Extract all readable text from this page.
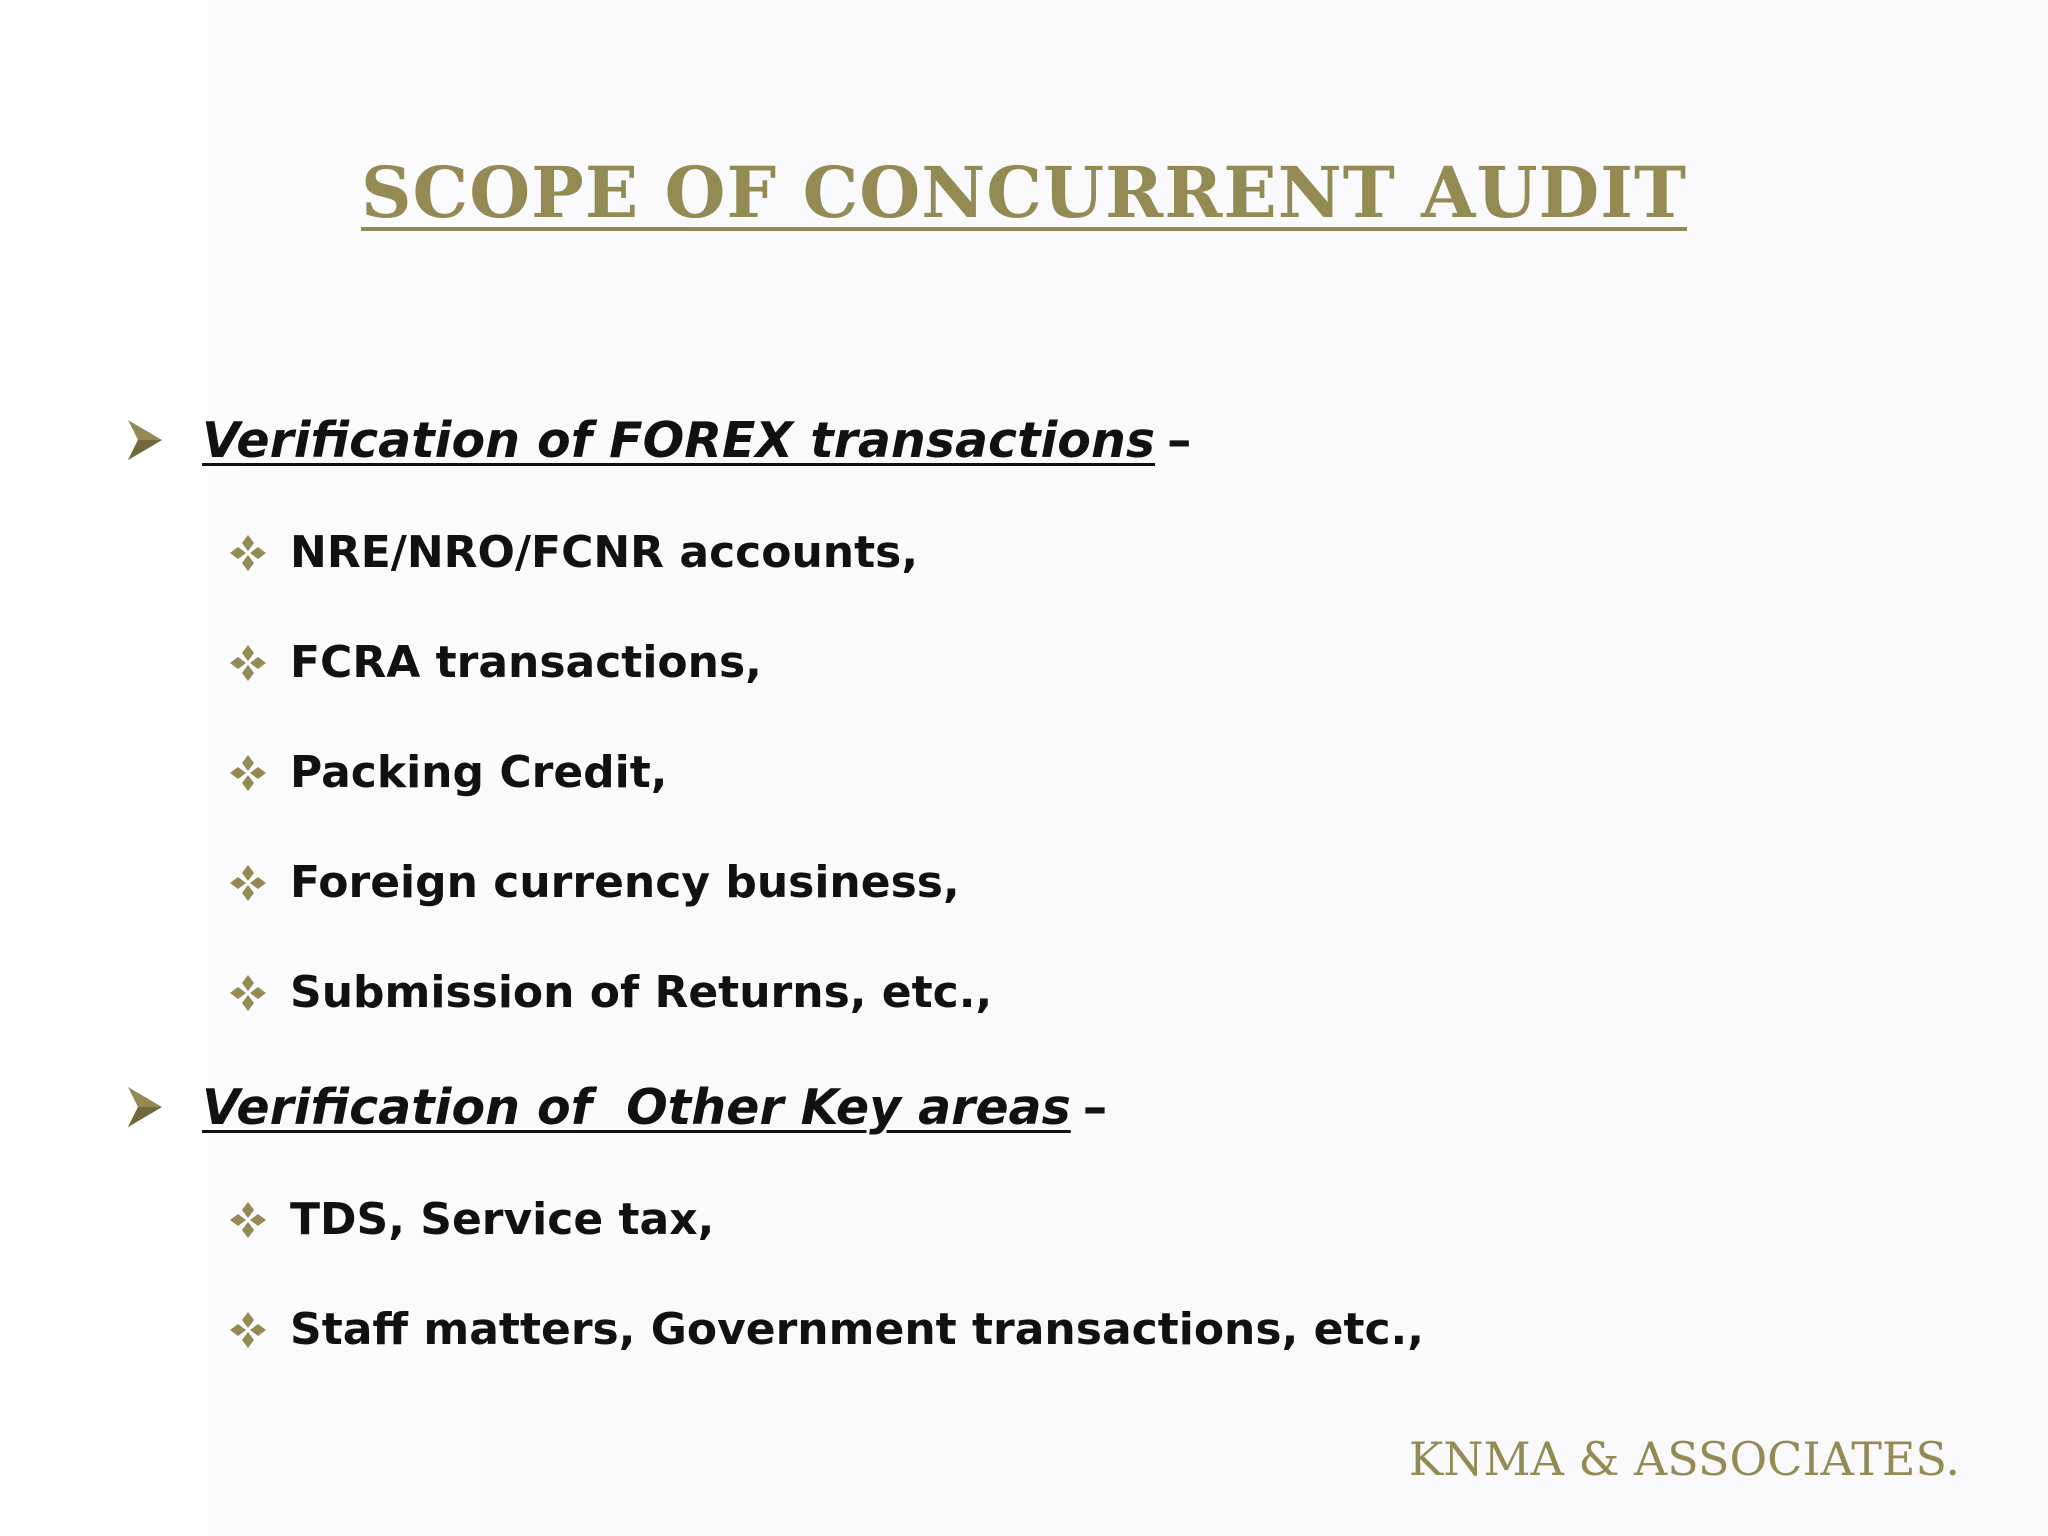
SCOPE OF CONCURRENT AUDIT
Verification of FOREX transactions –
NRE/NRO/FCNR accounts,
FCRA transactions,
Packing Credit,
Foreign currency business,
Submission of Returns, etc.,
Verification of  Other Key areas –
TDS, Service tax,
Staff matters, Government transactions, etc.,
KNMA & ASSOCIATES.
